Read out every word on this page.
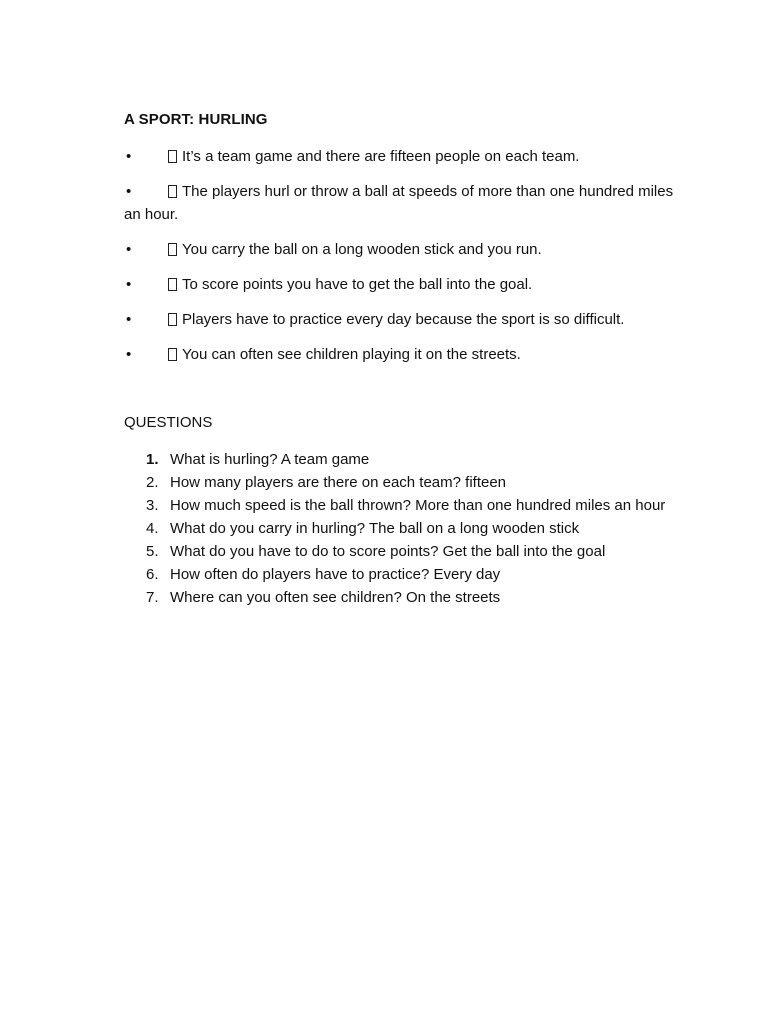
A SPORT: HURLING
•	It’s a team game and there are fifteen people on each team.
•	The players hurl or throw a ball at speeds of more than one hundred miles an hour.
•	You carry the ball on a long wooden stick and you run.
•	To score points you have to get the ball into the goal.
•	Players have to practice every day because the sport is so difficult.
•	You can often see children playing it on the streets.
QUESTIONS
1. What is hurling? A team game
2. How many players are there on each team? fifteen
3. How much speed is the ball thrown? More than one hundred miles an hour
4. What do you carry in hurling? The ball on a long wooden stick
5. What do you have to do to score points? Get the ball into the goal
6. How often do players have to practice? Every day
7. Where can you often see children? On the streets
